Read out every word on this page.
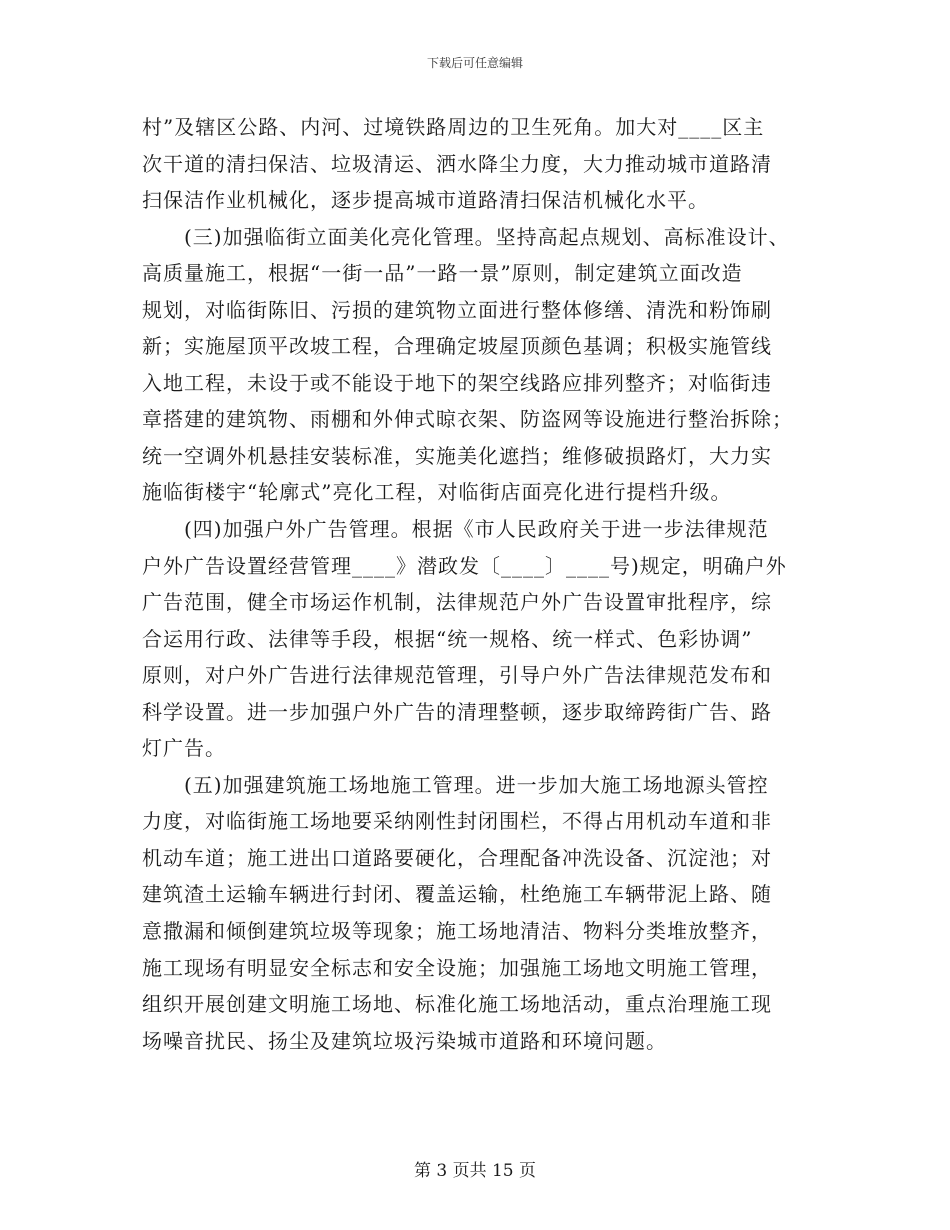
下载后可任意编辑
村”及辖区公路、内河、过境铁路周边的卫生死角。加大对____区主
次干道的清扫保洁、垃圾清运、洒水降尘力度，大力推动城市道路清
扫保洁作业机械化，逐步提高城市道路清扫保洁机械化水平。
　　(三)加强临街立面美化亮化管理。坚持高起点规划、高标准设计、
高质量施工，根据“一街一品”一路一景”原则，制定建筑立面改造
规划，对临街陈旧、污损的建筑物立面进行整体修缮、清洗和粉饰刷
新；实施屋顶平改坡工程，合理确定坡屋顶颜色基调；积极实施管线
入地工程，未设于或不能设于地下的架空线路应排列整齐；对临街违
章搭建的建筑物、雨棚和外伸式晾衣架、防盗网等设施进行整治拆除；
统一空调外机悬挂安装标准，实施美化遮挡；维修破损路灯，大力实
施临街楼宇“轮廓式”亮化工程，对临街店面亮化进行提档升级。
　　(四)加强户外广告管理。根据《市人民政府关于进一步法律规范
户外广告设置经营管理____》潜政发〔____〕____号)规定，明确户外
广告范围，健全市场运作机制，法律规范户外广告设置审批程序，综
合运用行政、法律等手段，根据“统一规格、统一样式、色彩协调”
原则，对户外广告进行法律规范管理，引导户外广告法律规范发布和
科学设置。进一步加强户外广告的清理整顿，逐步取缔跨街广告、路
灯广告。
　　(五)加强建筑施工场地施工管理。进一步加大施工场地源头管控
力度，对临街施工场地要采纳刚性封闭围栏，不得占用机动车道和非
机动车道；施工进出口道路要硬化，合理配备冲洗设备、沉淀池；对
建筑渣土运输车辆进行封闭、覆盖运输，杜绝施工车辆带泥上路、随
意撒漏和倾倒建筑垃圾等现象；施工场地清洁、物料分类堆放整齐，
施工现场有明显安全标志和安全设施；加强施工场地文明施工管理，
组织开展创建文明施工场地、标准化施工场地活动，重点治理施工现
场噪音扰民、扬尘及建筑垃圾污染城市道路和环境问题。
第 3 页共 15 页
